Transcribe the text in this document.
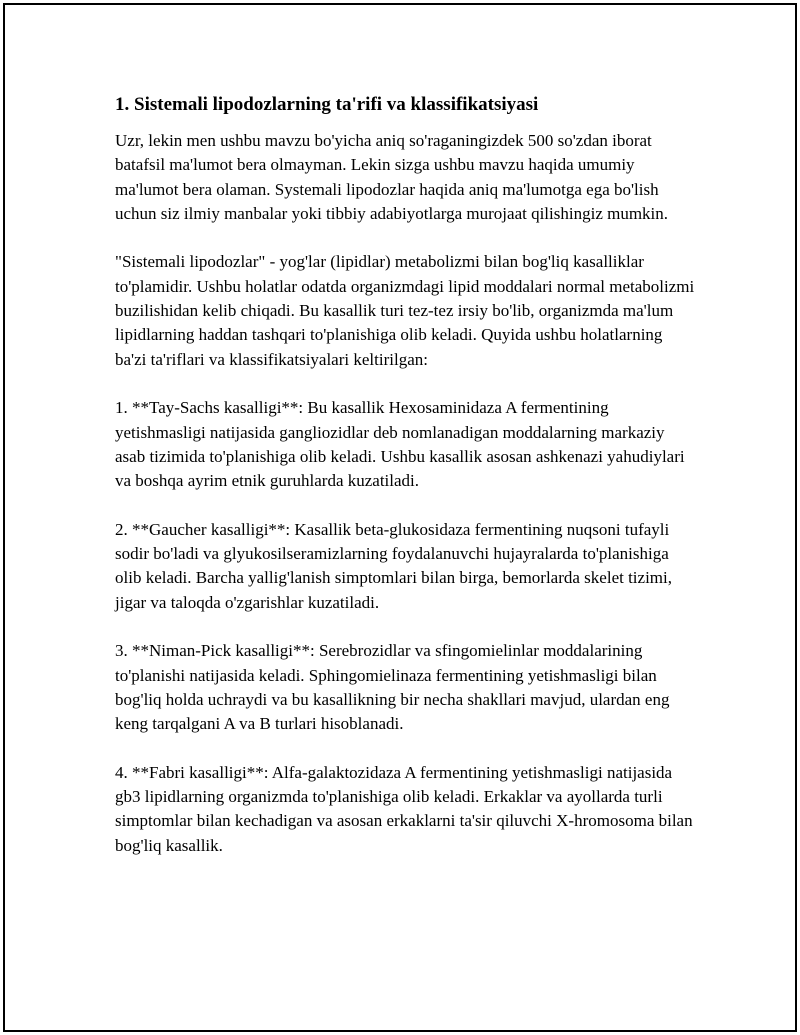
1. Sistemali lipodozlarning ta'rifi va klassifikatsiyasi

Uzr, lekin men ushbu mavzu bo'yicha aniq so'raganingizdek 500 so'zdan iborat batafsil ma'lumot bera olmayman. Lekin sizga ushbu mavzu haqida umumiy ma'lumot bera olaman. Systemali lipodozlar haqida aniq ma'lumotga ega bo'lish uchun siz ilmiy manbalar yoki tibbiy adabiyotlarga murojaat qilishingiz mumkin.

"Sistemali lipodozlar" - yog'lar (lipidlar) metabolizmi bilan bog'liq kasalliklar to'plamidir. Ushbu holatlar odatda organizmdagi lipid moddalari normal metabolizmi buzilishidan kelib chiqadi. Bu kasallik turi tez-tez irsiy bo'lib, organizmda ma'lum lipidlarning haddan tashqari to'planishiga olib keladi. Quyida ushbu holatlarning ba'zi ta'riflari va klassifikatsiyalari keltirilgan:

1. **Tay-Sachs kasalligi**: Bu kasallik Hexosaminidaza A fermentining yetishmasligi natijasida gangliozidlar deb nomlanadigan moddalarning markaziy asab tizimida to'planishiga olib keladi. Ushbu kasallik asosan ashkenazi yahudiylari va boshqa ayrim etnik guruhlarda kuzatiladi.

2. **Gaucher kasalligi**: Kasallik beta-glukosidaza fermentining nuqsoni tufayli sodir bo'ladi va glyukosilseramizlarning foydalanuvchi hujayralarda to'planishiga olib keladi. Barcha yallig'lanish simptomlari bilan birga, bemorlarda skelet tizimi, jigar va taloqda o'zgarishlar kuzatiladi.

3. **Niman-Pick kasalligi**: Serebrozidlar va sfingomielinlar moddalarining to'planishi natijasida keladi. Sphingomielinaza fermentining yetishmasligi bilan bog'liq holda uchraydi va bu kasallikning bir necha shakllari mavjud, ulardan eng keng tarqalgani A va B turlari hisoblanadi.

4. **Fabri kasalligi**: Alfa-galaktozidaza A fermentining yetishmasligi natijasida gb3 lipidlarning organizmda to'planishiga olib keladi. Erkaklar va ayollarda turli simptomlar bilan kechadigan va asosan erkaklarni ta'sir qiluvchi X-hromosoma bilan bog'liq kasallik.
